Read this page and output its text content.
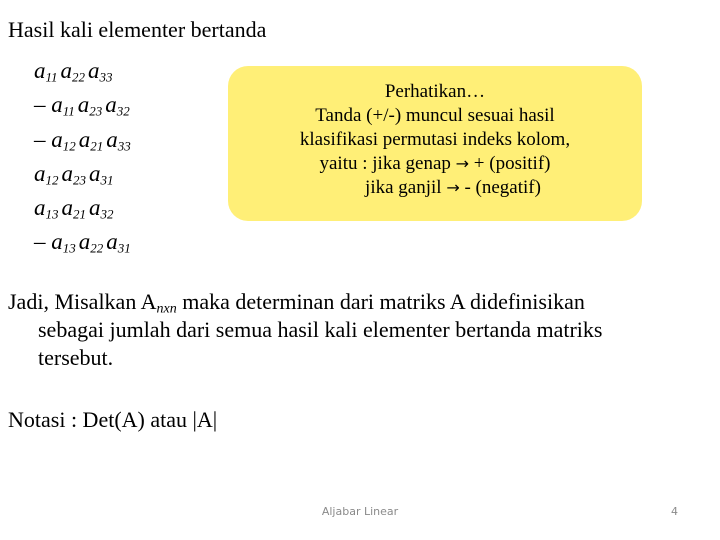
Hasil kali elementer bertanda
$a_{11}$ $a_{22}$ $a_{33}$
– $a_{11}$ $a_{23}$ $a_{32}$
– $a_{12}$ $a_{21}$ $a_{33}$
$a_{12}$ $a_{23}$ $a_{31}$
$a_{13}$ $a_{21}$ $a_{32}$
– $a_{13}$ $a_{22}$ $a_{31}$
Perhatikan…
Tanda (+/-) muncul sesuai hasil
klasifikasi permutasi indeks kolom,
yaitu : jika genap → + (positif)
jika ganjil → - (negatif)
Jadi, Misalkan $A_{nxn}$ maka determinan dari matriks A didefinisikan
sebagai jumlah dari semua hasil kali elementer bertanda matriks
tersebut.
Notasi : Det(A) atau |A|
Aljabar Linear	4
